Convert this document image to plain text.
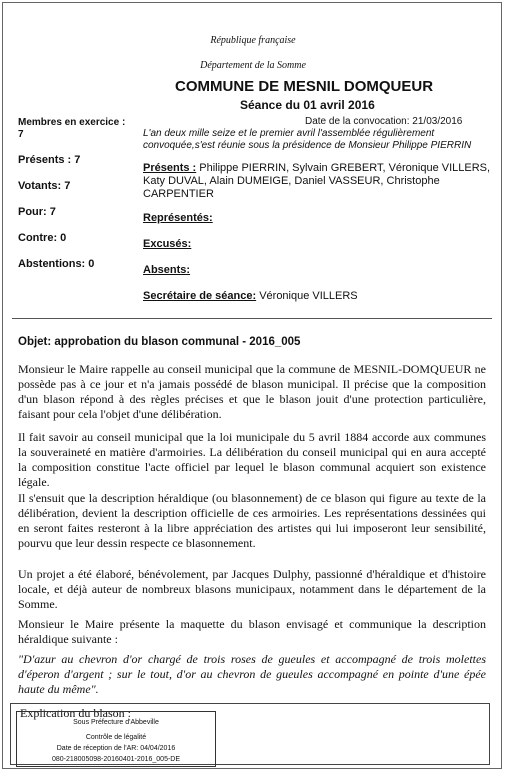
République française
Département de la Somme
COMMUNE DE MESNIL DOMQUEUR
Séance du 01 avril 2016
Date de la convocation: 21/03/2016
Membres en exercice :
7
Présents : 7
Votants: 7
Pour: 7
Contre: 0
Abstentions: 0
L'an deux mille seize et le premier avril l'assemblée régulièrement
convoquée,s'est réunie sous la présidence de Monsieur Philippe PIERRIN
Présents : Philippe PIERRIN, Sylvain GREBERT, Véronique VILLERS,
Katy DUVAL, Alain DUMEIGE, Daniel VASSEUR, Christophe
CARPENTIER
Représentés:
Excusés:
Absents:
Secrétaire de séance: Véronique VILLERS
Objet: approbation du blason communal - 2016_005
Monsieur le Maire rappelle au conseil municipal que la commune de MESNIL-DOMQUEUR ne possède pas à ce jour et n'a jamais possédé de blason municipal. Il précise que la composition d'un blason répond à des règles précises et que le blason jouit d'une protection particulière, faisant pour cela l'objet d'une délibération.
Il fait savoir au conseil municipal que la loi municipale du 5 avril 1884 accorde aux communes la souveraineté en matière d'armoiries. La délibération du conseil municipal qui en aura accepté la composition constitue l'acte officiel par lequel le blason communal acquiert son existence légale.
Il s'ensuit que la description héraldique (ou blasonnement) de ce blason qui figure au texte de la délibération, devient la description officielle de ces armoiries. Les représentations dessinées qui en seront faites resteront à la libre appréciation des artistes qui lui imposeront leur sensibilité, pourvu que leur dessin respecte ce blasonnement.
Un projet a été élaboré, bénévolement, par Jacques Dulphy, passionné d'héraldique et d'histoire locale, et déjà auteur de nombreux blasons municipaux, notamment dans le département de la Somme.
Monsieur le Maire présente la maquette du blason envisagé et communique la description héraldique suivante :
"D'azur au chevron d'or chargé de trois roses de gueules et accompagné de trois molettes d'éperon d'argent ; sur le tout, d'or au chevron de gueules accompagné en pointe d'une épée haute du même".
Explication du blason :
Sous Préfecture d'Abbeville
Contrôle de légalité
Date de réception de l'AR: 04/04/2016
080-218005098-20160401-2016_005-DE
